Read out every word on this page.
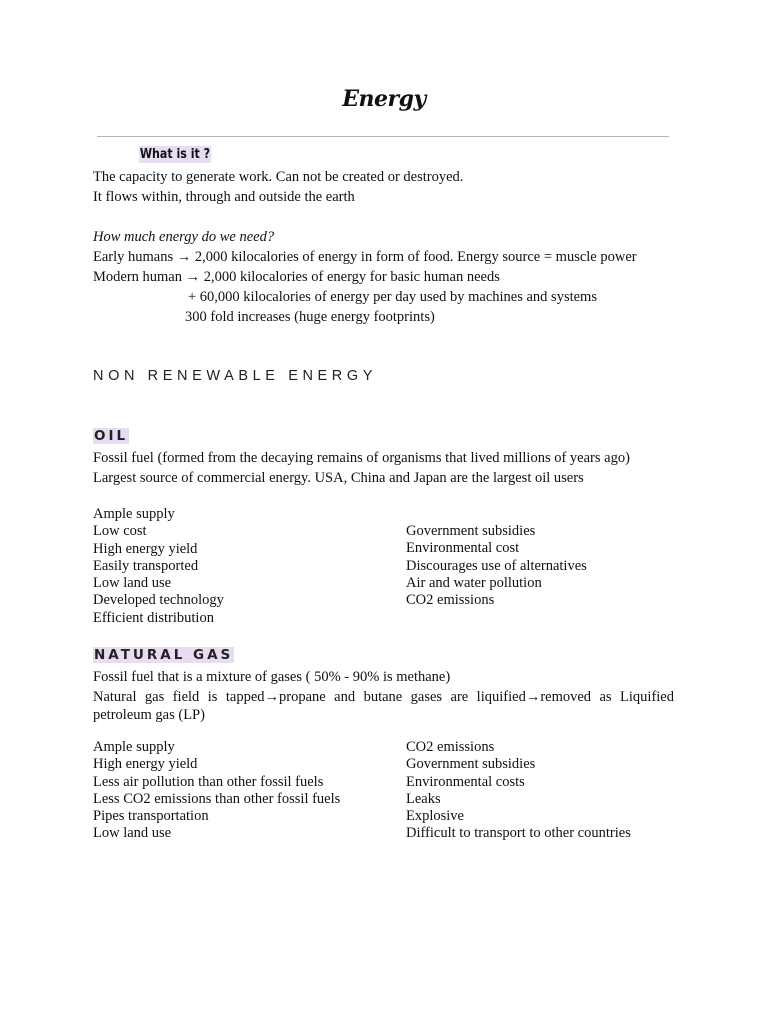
Energy
What is it ?
The capacity to generate work. Can not be created or destroyed.
It flows within, through and outside the earth
How much energy do we need?
Early humans → 2,000 kilocalories of energy in form of food. Energy source = muscle power
Modern human → 2,000 kilocalories of energy for basic human needs
+ 60,000 kilocalories of energy per day used by machines and systems
300 fold increases (huge energy footprints)
NON RENEWABLE ENERGY
OIL
Fossil fuel (formed from the decaying remains of organisms that lived millions of years ago)
Largest source of commercial energy. USA, China and Japan are the largest oil users
Ample supply
Low cost
High energy yield
Easily transported
Low land use
Developed technology
Efficient distribution
Government subsidies
Environmental cost
Discourages use of alternatives
Air and water pollution
CO2 emissions
NATURAL GAS
Fossil fuel that is a mixture of gases ( 50% - 90% is methane)
Natural gas field is tapped→propane and butane gases are liquified→removed as Liquified petroleum gas (LP)
Ample supply
High energy yield
Less air pollution than other fossil fuels
Less CO2 emissions than other fossil fuels
Pipes transportation
Low land use
CO2 emissions
Government subsidies
Environmental costs
Leaks
Explosive
Difficult to transport to other countries
